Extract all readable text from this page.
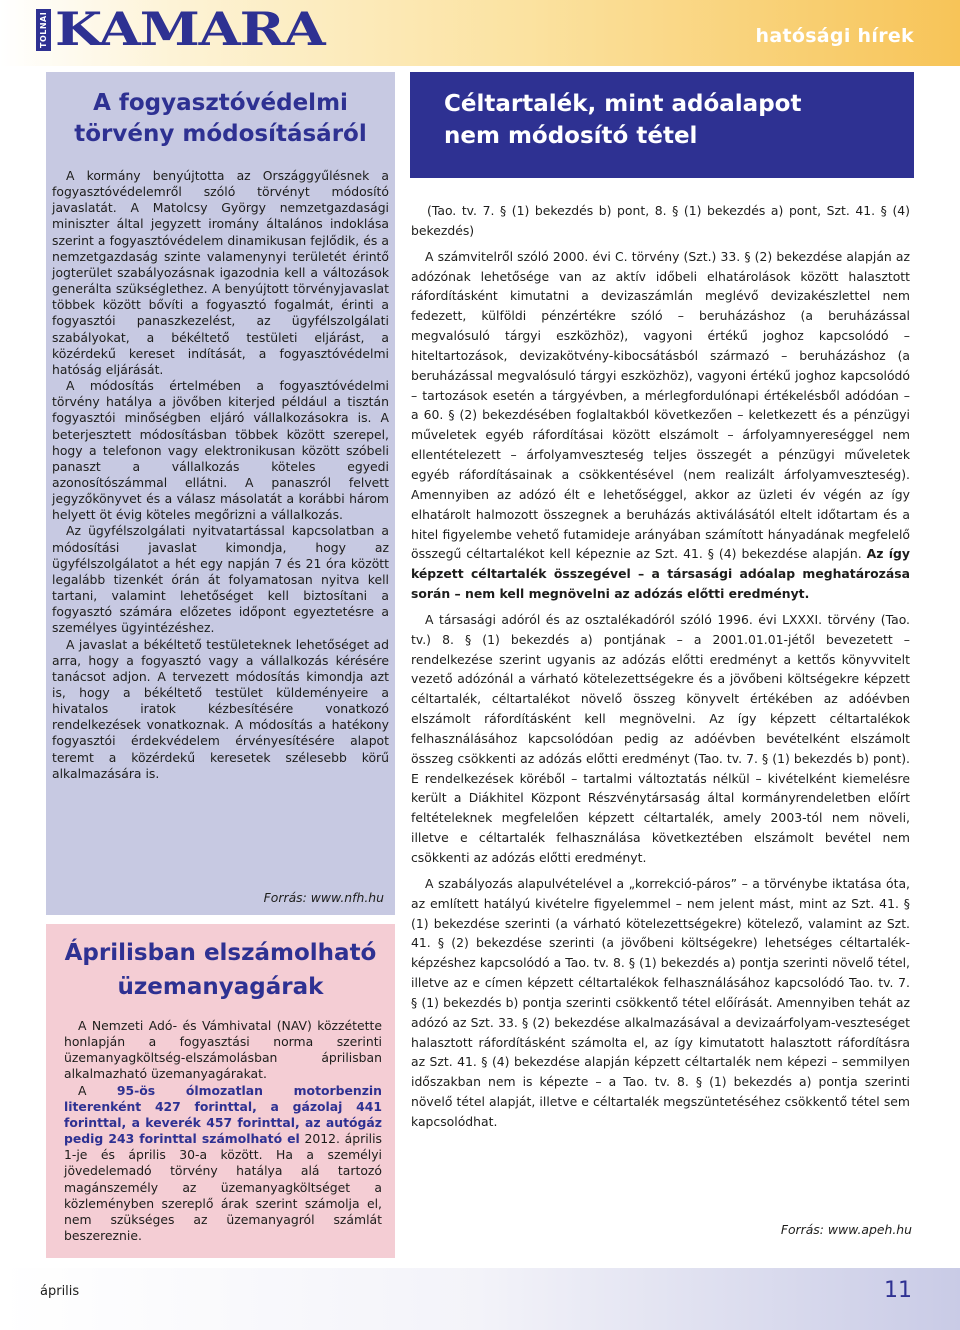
TOLNAI KAMARA	hatósági hírek
A fogyasztóvédelmi
törvény módosításáról

A kormány benyújtotta az Országgyűlésnek a fogyasztóvédelemről szóló törvényt módosító javaslatát. A Matolcsy György nemzetgazdasági miniszter által jegyzett iromány általános indoklása szerint a fogyasztóvédelem dinamikusan fejlődik, és a nemzetgazdaság szinte valamenynyi területét érintő jogterület szabályozásnak igazodnia kell a változások generálta szükséglethez. A benyújtott törvényjavaslat többek között bővíti a fogyasztó fogalmát, érinti a fogyasztói panaszkezelést, az ügyfélszolgálati szabályokat, a békéltető testületi eljárást, a közérdekű kereset indítását, a fogyasztóvédelmi hatóság eljárását.

A módosítás értelmében a fogyasztóvédelmi törvény hatálya a jövőben kiterjed például a tisztán fogyasztói minőségben eljáró vállalkozásokra is. A beterjesztett módosításban többek között szerepel, hogy a telefonon vagy elektronikusan között szóbeli panaszt a vállalkozás köteles egyedi azonosítószámmal ellátni. A panaszról felvett jegyzőkönyvet és a válasz másolatát a korábbi három helyett öt évig köteles megőrizni a vállalkozás.

Az ügyfélszolgálati nyitvatartással kapcsolatban a módosítási javaslat kimondja, hogy az ügyfélszolgálatot a hét egy napján 7 és 21 óra között legalább tizenkét órán át folyamatosan nyitva kell tartani, valamint lehetőséget kell biztosítani a fogyasztó számára előzetes időpont egyeztetésre a személyes ügyintézéshez.

A javaslat a békéltető testületeknek lehetőséget ad arra, hogy a fogyasztó vagy a vállalkozás kérésére tanácsot adjon. A tervezett módosítás kimondja azt is, hogy a békéltető testület küldeményeire a hivatalos iratok kézbesítésére vonatkozó rendelkezések vonatkoznak. A módosítás a hatékony fogyasztói érdekvédelem érvényesítésére alapot teremt a közérdekű keresetek szélesebb körű alkalmazására is.

Forrás: www.nfh.hu
Áprilisban elszámolható
üzemanyagárak

A Nemzeti Adó- és Vámhivatal (NAV) közzétette honlapján a fogyasztási norma szerinti üzemanyagköltség-elszámolásban áprilisban alkalmazható üzemanyagárakat.

A 95-ös ólmozatlan motorbenzin literenként 427 forinttal, a gázolaj 441 forinttal, a keverék 457 forinttal, az autógáz pedig 243 forinttal számolható el 2012. április 1-je és április 30-a között. Ha a személyi jövedelemadó törvény hatálya alá tartozó magánszemély az üzemanyagköltséget a közleményben szereplő árak szerint számolja el, nem szükséges az üzemanyagról számlát beszereznie.

Céltartalék, mint adóalapot
nem módosító tétel

(Tao. tv. 7. § (1) bekezdés b) pont, 8. § (1) bekezdés a) pont, Szt. 41. § (4) bekezdés)

A számvitelről szóló 2000. évi C. törvény (Szt.) 33. § (2) bekezdése alapján az adózónak lehetősége van az aktív időbeli elhatárolások között halasztott ráfordításként kimutatni a devizaszámlán meglévő devizakészlettel nem fedezett, külföldi pénzértékre szóló – beruházáshoz (a beruházással megvalósuló tárgyi eszközhöz), vagyoni értékű joghoz kapcsolódó – hiteltartozások, devizakötvény-kibocsátásból származó – beruházáshoz (a beruházással megvalósuló tárgyi eszközhöz), vagyoni értékű joghoz kapcsolódó – tartozások esetén a tárgyévben, a mérlegfordulónapi értékelésből adódóan – a 60. § (2) bekezdésében foglaltakból következően – keletkezett és a pénzügyi műveletek egyéb ráfordításai között elszámolt – árfolyamnyereséggel nem ellentételezett – árfolyamveszteség teljes összegét a pénzügyi műveletek egyéb ráfordításainak a csökkentésével (nem realizált árfolyamveszteség). Amennyiben az adózó élt e lehetőséggel, akkor az üzleti év végén az így elhatárolt halmozott összegnek a beruházás aktiválásától eltelt időtartam és a hitel figyelembe vehető futamideje arányában számított hányadának megfelelő összegű céltartalékot kell képeznie az Szt. 41. § (4) bekezdése alapján. Az így képzett céltartalék összegével – a társasági adóalap meghatározása során – nem kell megnövelni az adózás előtti eredményt.

A társasági adóról és az osztalékadóról szóló 1996. évi LXXXI. törvény (Tao. tv.) 8. § (1) bekezdés a) pontjának – a 2001.01.01-jétől bevezetett – rendelkezése szerint ugyanis az adózás előtti eredményt a kettős könyvvitelt vezető adózónál a várható kötelezettségekre és a jövőbeni költségekre képzett céltartalék, céltartalékot növelő összeg könyvelt értékében az adóévben elszámolt ráfordításként kell megnövelni. Az így képzett céltartalékok felhasználásához kapcsolódóan pedig az adóévben bevételként elszámolt összeg csökkenti az adózás előtti eredményt (Tao. tv. 7. § (1) bekezdés b) pont). E rendelkezések köréből – tartalmi változtatás nélkül – kivételként kiemelésre került a Diákhitel Központ Részvénytársaság által kormányrendeletben előírt feltételeknek megfelelően képzett céltartalék, amely 2003-tól nem növeli, illetve e céltartalék felhasználása következtében elszámolt bevétel nem csökkenti az adózás előtti eredményt.

A szabályozás alapulvételével a „korrekció-páros” – a törvénybe iktatása óta, az említett hatályú kivételre figyelemmel – nem jelent mást, mint az Szt. 41. § (1) bekezdése szerinti (a várható kötelezettségekre) kötelező, valamint az Szt. 41. § (2) bekezdése szerinti (a jövőbeni költségekre) lehetséges céltartalék-képzéshez kapcsolódó a Tao. tv. 8. § (1) bekezdés a) pontja szerinti növelő tétel, illetve az e címen képzett céltartalékok felhasználásához kapcsolódó Tao. tv. 7. § (1) bekezdés b) pontja szerinti csökkentő tétel előírását. Amennyiben tehát az adózó az Szt. 33. § (2) bekezdése alkalmazásával a devizaárfolyam-veszteséget halasztott ráfordításként számolta el, az így kimutatott halasztott ráfordításra az Szt. 41. § (4) bekezdése alapján képzett céltartalék nem képezi – semmilyen időszakban nem is képezte – a Tao. tv. 8. § (1) bekezdés a) pontja szerinti növelő tétel alapját, illetve e céltartalék megszüntetéséhez csökkentő tétel sem kapcsolódhat.

Forrás: www.apeh.hu
április	11
